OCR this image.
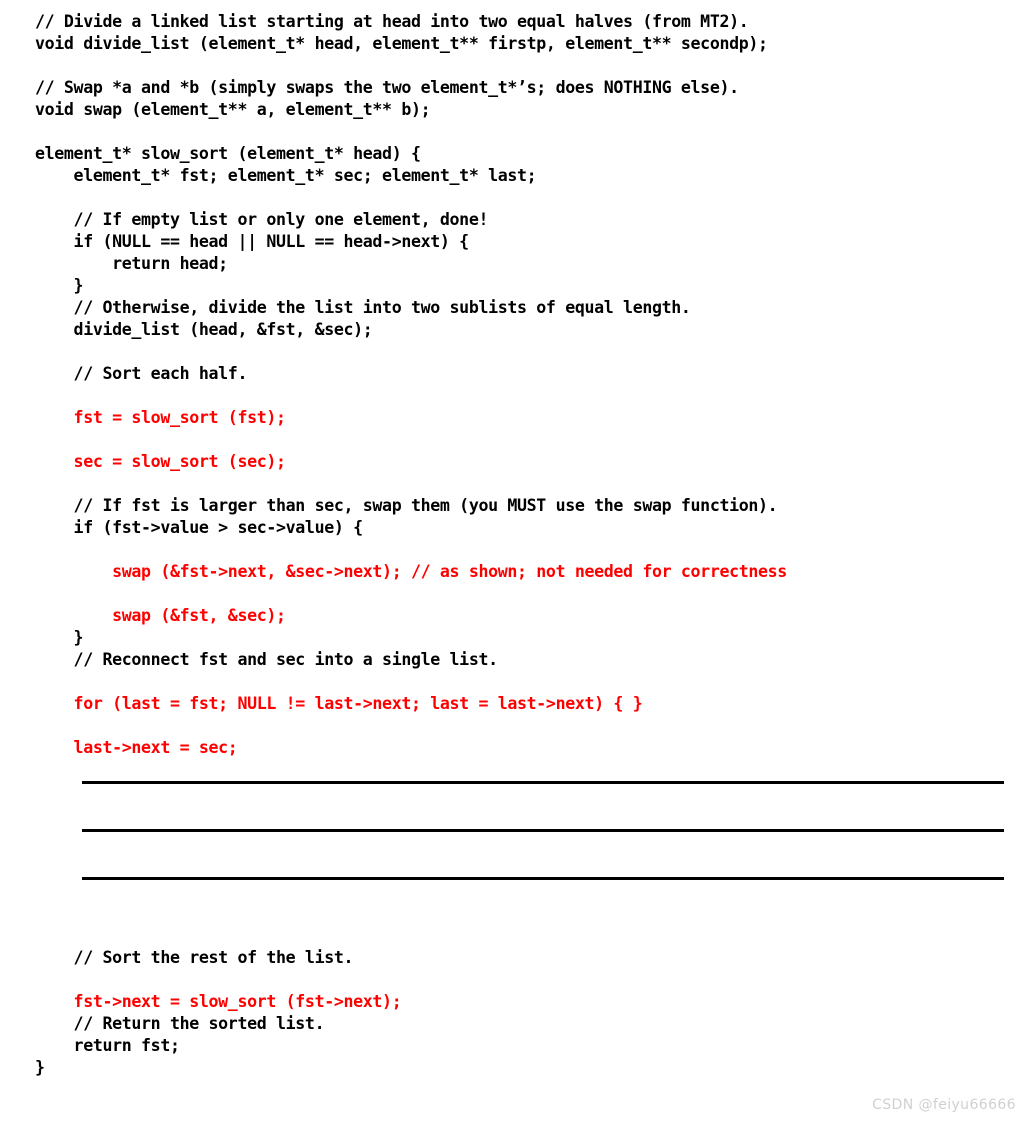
// Divide a linked list starting at head into two equal halves (from MT2).
void divide_list (element_t* head, element_t** firstp, element_t** secondp);
// Swap *a and *b (simply swaps the two element_t*’s; does NOTHING else).
void swap (element_t** a, element_t** b);
element_t* slow_sort (element_t* head) {
element_t* fst; element_t* sec; element_t* last;
// If empty list or only one element, done!
if (NULL == head || NULL == head->next) {
return head;
}
// Otherwise, divide the list into two sublists of equal length.
divide_list (head, &fst, &sec);
// Sort each half.
fst = slow_sort (fst);
sec = slow_sort (sec);
// If fst is larger than sec, swap them (you MUST use the swap function).
if (fst->value > sec->value) {
swap (&fst->next, &sec->next); // as shown; not needed for correctness
swap (&fst, &sec);
}
// Reconnect fst and sec into a single list.
for (last = fst; NULL != last->next; last = last->next) { }
last->next = sec;
// Sort the rest of the list.
fst->next = slow_sort (fst->next);
// Return the sorted list.
return fst;
}
CSDN @feiyu66666
